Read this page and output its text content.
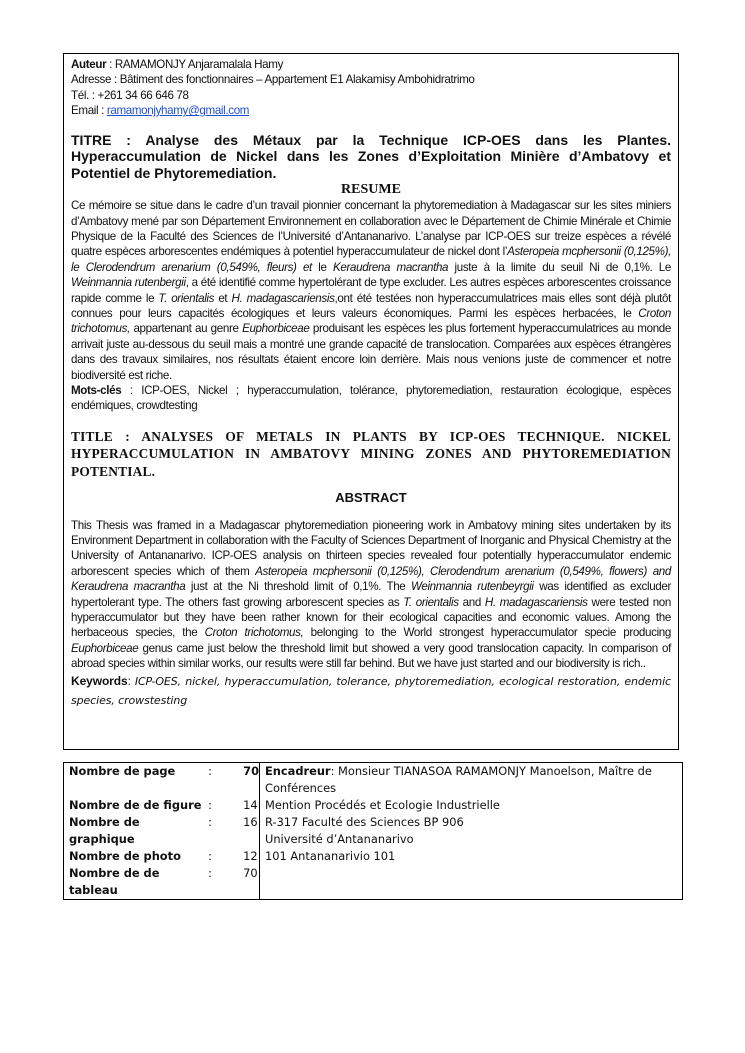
Auteur : RAMAMONJY Anjaramalala Hamy
Adresse : Bâtiment des fonctionnaires – Appartement E1 Alakamisy Ambohidratrimo
Tél. : +261 34 66 646 78
Email : ramamonjyhamy@gmail.com
TITRE : Analyse des Métaux par la Technique ICP-OES dans les Plantes. Hyperaccumulation de Nickel dans les Zones d’Exploitation Minière d’Ambatovy et Potentiel de Phytoremediation.
RESUME
Ce mémoire se situe dans le cadre d’un travail pionnier concernant la phytoremediation à Madagascar sur les sites miniers d’Ambatovy mené par son Département Environnement en collaboration avec le Département de Chimie Minérale et Chimie Physique de la Faculté des Sciences de l’Université d’Antananarivo. L’analyse par ICP-OES sur treize espèces a révélé quatre espèces arborescentes endémiques à potentiel hyperaccumulateur de nickel dont l’Asteropeia mcphersonii (0,125%), le Clerodendrum arenarium (0,549%, fleurs) et le Keraudrena macrantha juste à la limite du seuil Ni de 0,1%. Le Weinmannia rutenbergii, a été identifié comme hypertolérant de type excluder. Les autres espèces arborescentes croissance rapide comme le T. orientalis et H. madagascariensis,ont été testées non hyperaccumulatrices mais elles sont déjà plutôt connues pour leurs capacités écologiques et leurs valeurs économiques. Parmi les espèces herbacées, le Croton trichotomus, appartenant au genre Euphorbiceae produisant les espèces les plus fortement hyperaccumulatrices au monde arrivait juste au-dessous du seuil mais a montré une grande capacité de translocation. Comparées aux espèces étrangères dans des travaux similaires, nos résultats étaient encore loin derrière. Mais nous venions juste de commencer et notre biodiversité est riche.
Mots-clés : ICP-OES, Nickel ; hyperaccumulation, tolérance, phytoremediation, restauration écologique, espèces endémiques, crowdtesting
TITLE : ANALYSES OF METALS IN PLANTS BY ICP-OES TECHNIQUE. NICKEL HYPERACCUMULATION IN AMBATOVY MINING ZONES AND PHYTOREMEDIATION POTENTIAL.
ABSTRACT
This Thesis was framed in a Madagascar phytoremediation pioneering work in Ambatovy mining sites undertaken by its Environment Department in collaboration with the Faculty of Sciences Department of Inorganic and Physical Chemistry at the University of Antananarivo. ICP-OES analysis on thirteen species revealed four potentially hyperaccumulator endemic arborescent species which of them Asteropeia mcphersonii (0,125%), Clerodendrum arenarium (0,549%, flowers) and Keraudrena macrantha just at the Ni threshold limit of 0,1%. The Weinmannia rutenbeyrgii was identified as excluder hypertolerant type. The others fast growing arborescent species as T. orientalis and H. madagascariensis were tested non hyperaccumulator but they have been rather known for their ecological capacities and economic values. Among the herbaceous species, the Croton trichotomus, belonging to the World strongest hyperaccumulator specie producing Euphorbiceae genus came just below the threshold limit but showed a very good translocation capacity. In comparison of abroad species within similar works, our results were still far behind. But we have just started and our biodiversity is rich..
Keywords: ICP-OES, nickel, hyperaccumulation, tolerance, phytoremediation, ecological restoration, endemic species, crowstesting
Nombre de page	:	70

Nombre de de figure	:	14
Nombre de graphique	:	16
Nombre de photo	:	12
Nombre de de tableau	:	70

Encadreur: Monsieur TIANASOA RAMAMONJY Manoelson, Maître de Conférences
Mention Procédés et Ecologie Industrielle
R-317 Faculté des Sciences BP 906
Université d’Antananarivo
101 Antananarivio 101
